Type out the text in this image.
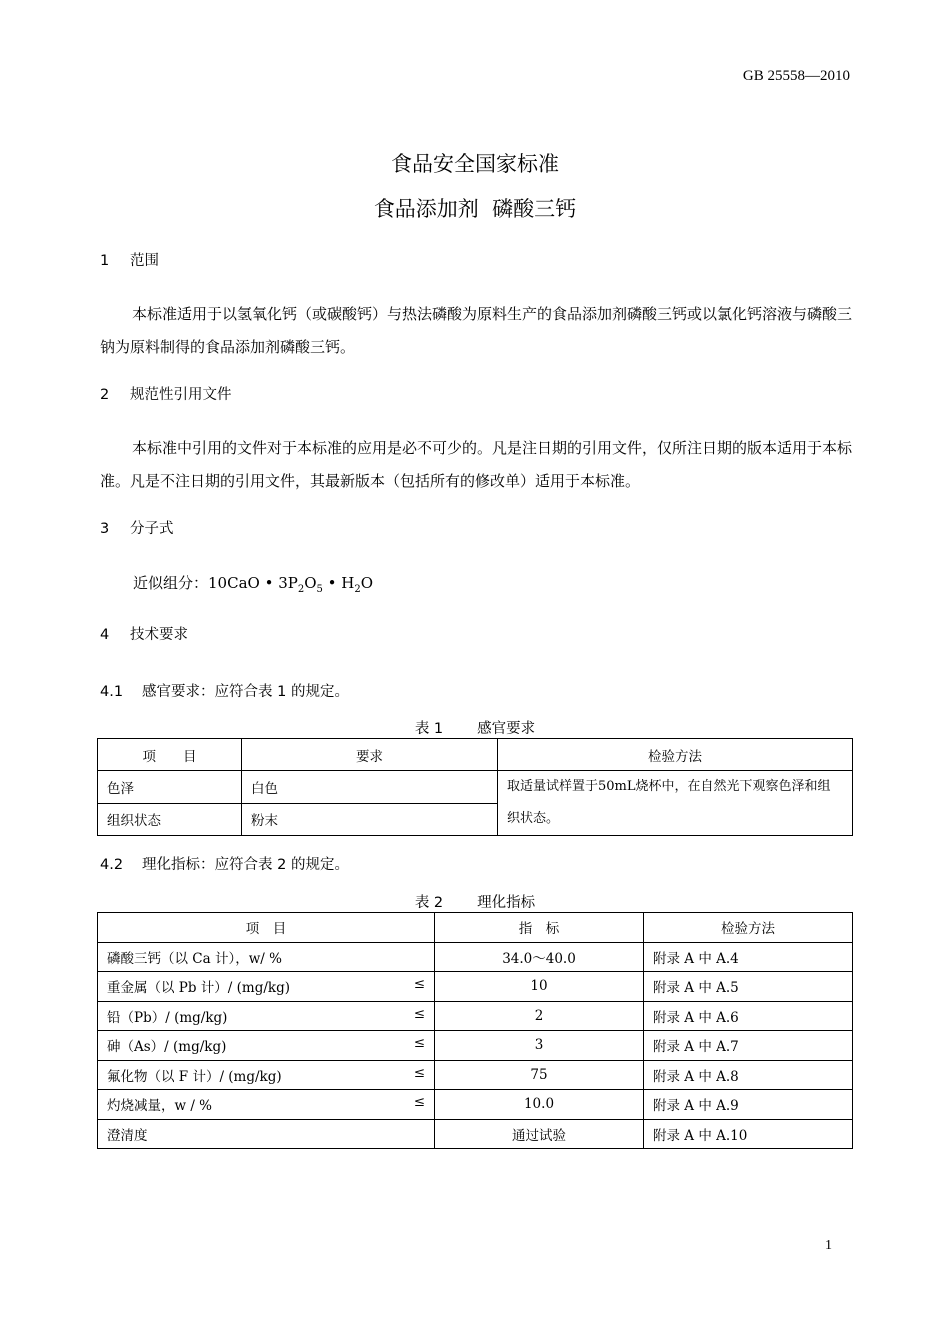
GB 25558—2010
食品安全国家标准
食品添加剂  磷酸三钙
1 范围
本标准适用于以氢氧化钙（或碳酸钙）与热法磷酸为原料生产的食品添加剂磷酸三钙或以氯化钙溶液与磷酸三钠为原料制得的食品添加剂磷酸三钙。
2 规范性引用文件
本标准中引用的文件对于本标准的应用是必不可少的。凡是注日期的引用文件，仅所注日期的版本适用于本标准。凡是不注日期的引用文件，其最新版本（包括所有的修改单）适用于本标准。
3 分子式
近似组分：10CaO • $3P_2O_5$ • $H_2O$
4 技术要求
4.1 感官要求：应符合表 1 的规定。
表 1 感官要求
项　　目	要求	检验方法
色泽	白色	取适量试样置于50mL烧杯中，在自然光下观察色泽和组织状态。
组织状态	粉末	
4.2 理化指标：应符合表 2 的规定。
表 2 理化指标
项　目	指　标	检验方法
磷酸三钙（以 Ca 计），w/ %	34.0～40.0	附录 A 中 A.4
重金属（以 Pb 计）/ (mg/kg) ≤	10	附录 A 中 A.5
铅（Pb）/ (mg/kg) ≤	2	附录 A 中 A.6
砷（As）/ (mg/kg) ≤	3	附录 A 中 A.7
氟化物（以 F 计）/ (mg/kg) ≤	75	附录 A 中 A.8
灼烧减量，w / % ≤	10.0	附录 A 中 A.9
澄清度	通过试验	附录 A 中 A.10
1
